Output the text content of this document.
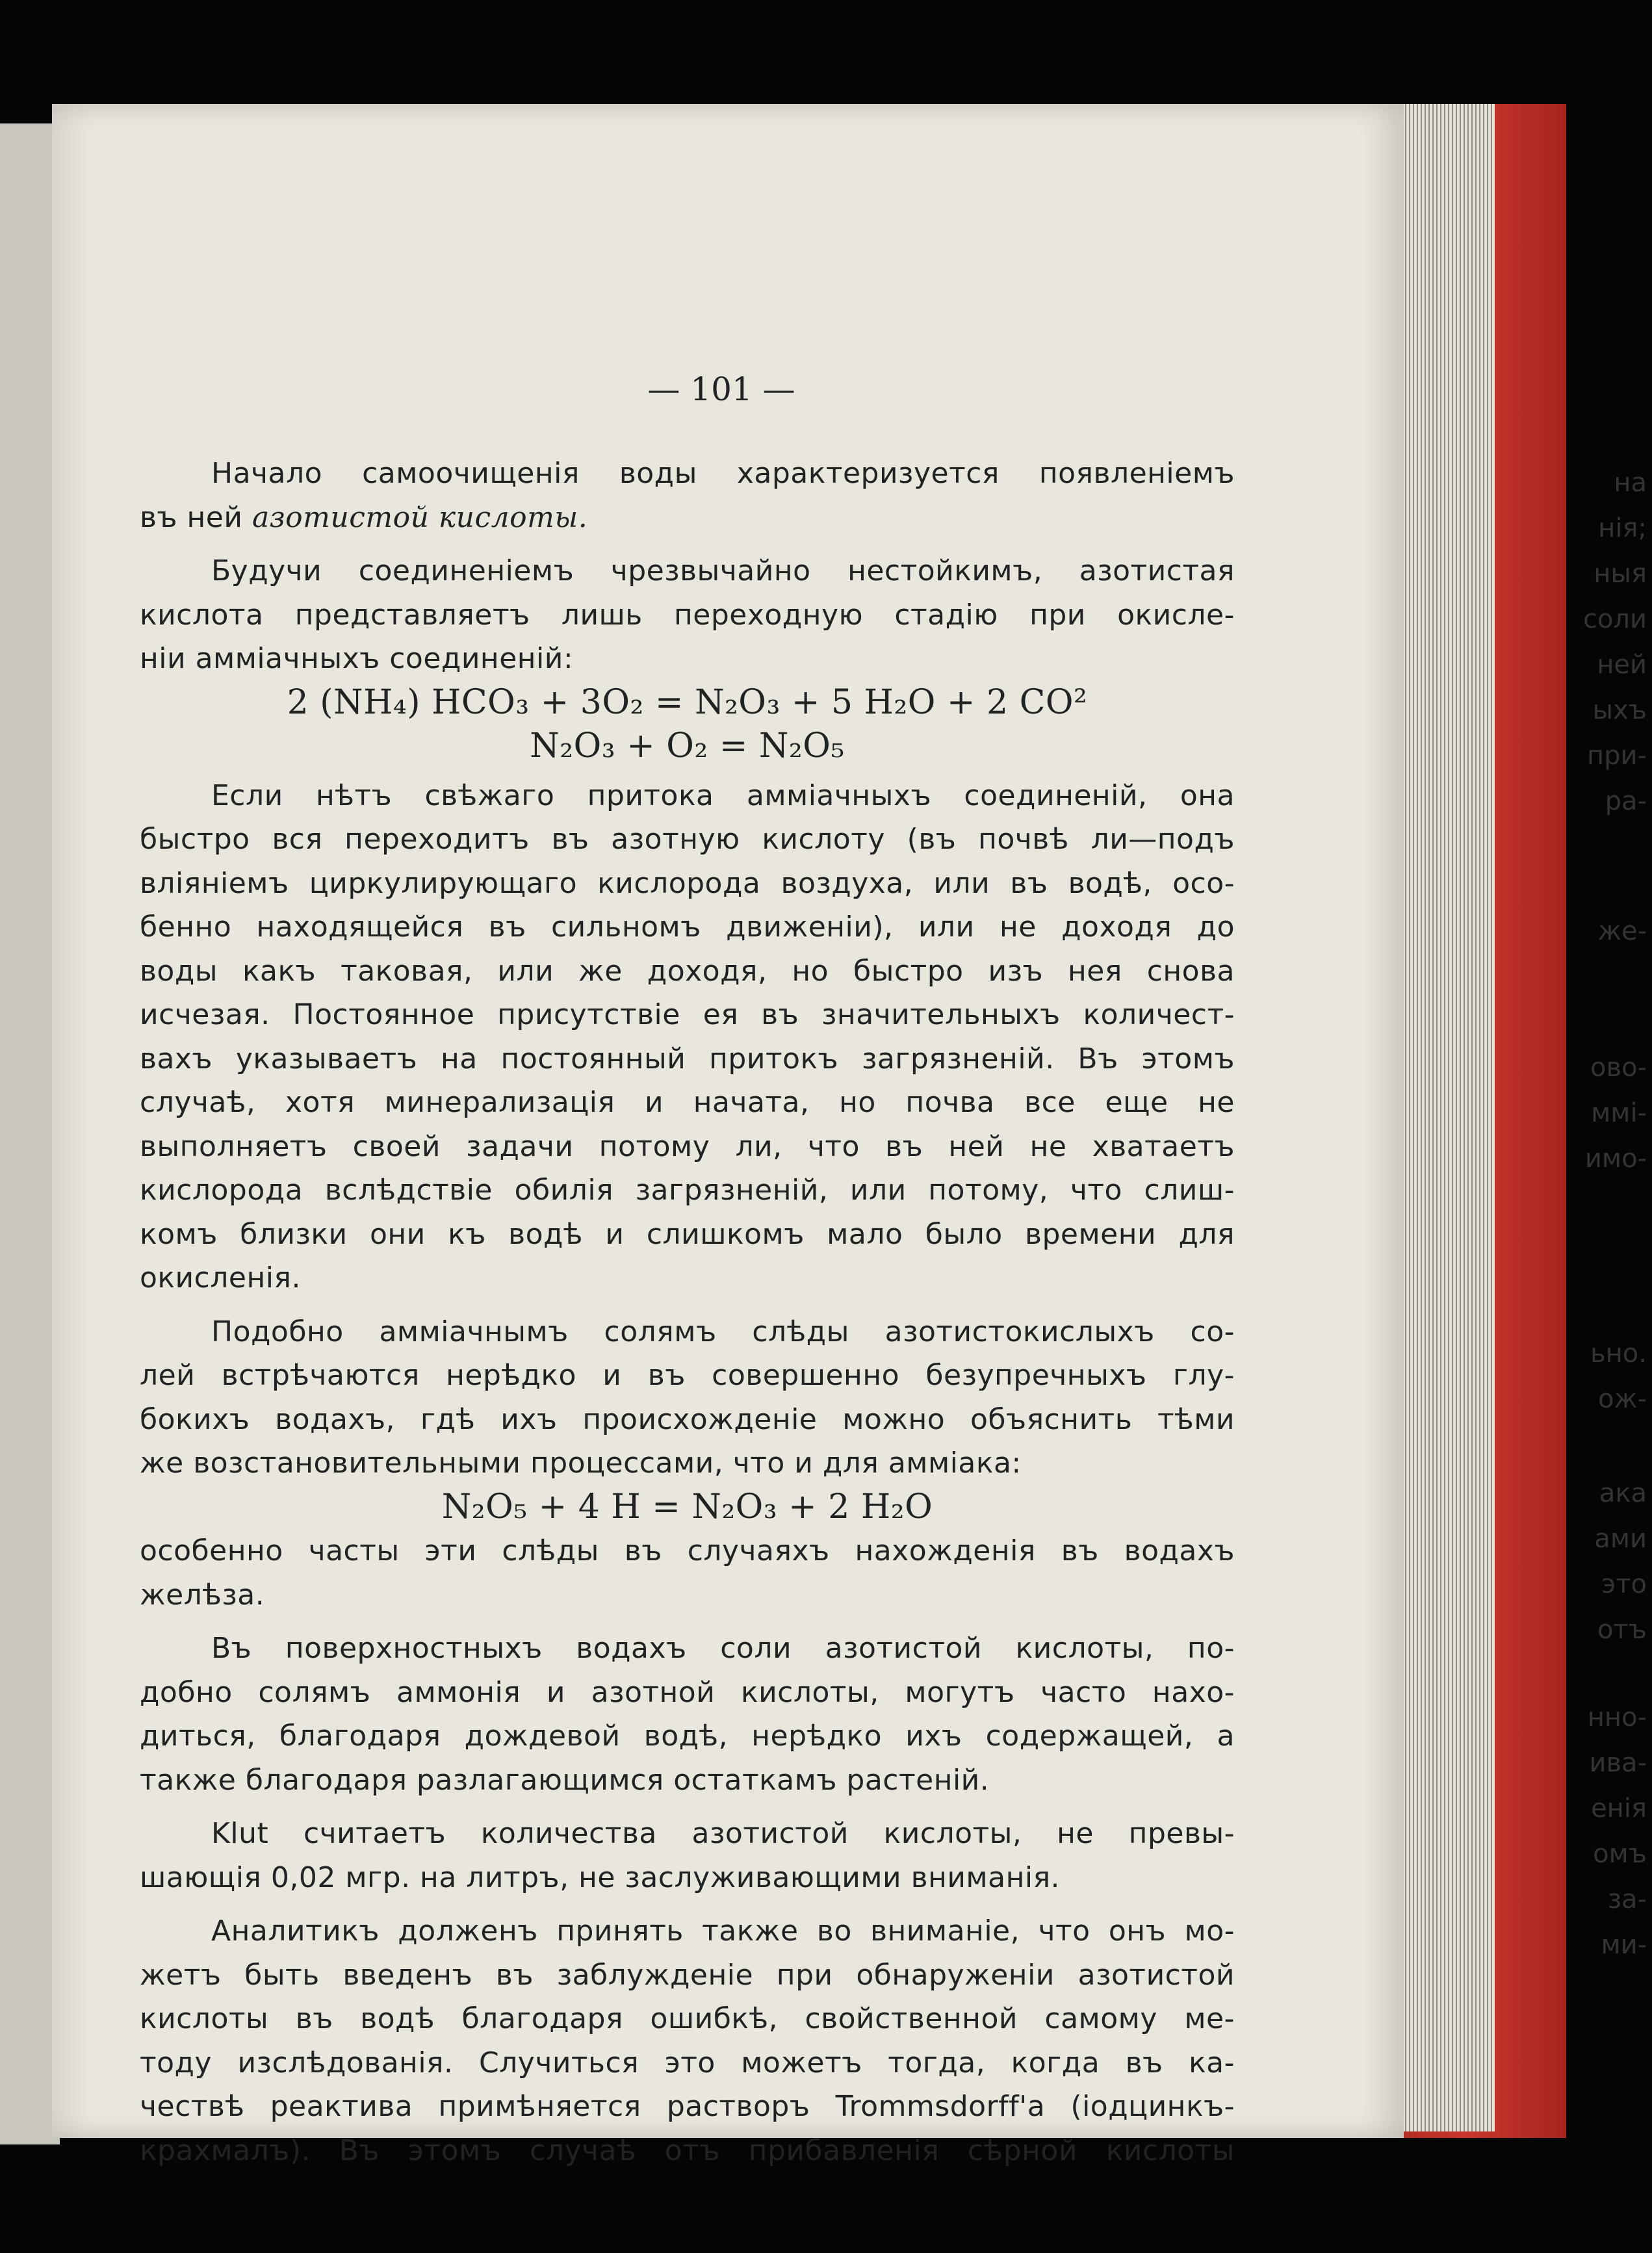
на
нія;
ныя
соли
ней
ыхъ
при-
ра-
же-
ово-
ммі-
имо-
ьно.
ож-
ака
ами
это
отъ
нно-
ива-
енія
омъ
за-
ми-
— 101 —

Начало самоочищенія воды характеризуется появленіемъ

въ ней азотистой кислоты.

Будучи соединеніемъ чрезвычайно нестойкимъ, азотистая

кислота представляетъ лишь переходную стадію при окисле-

ніи амміачныхъ соединеній:

2 (NH₄) HCO₃ + 3O₂ = N₂O₃ + 5 H₂O + 2 CO²

N₂O₃ + O₂ = N₂O₅

Если нѣтъ свѣжаго притока амміачныхъ соединеній, она

быстро вся переходитъ въ азотную кислоту (въ почвѣ ли—подъ

вліяніемъ циркулирующаго кислорода воздуха, или въ водѣ, осо-

бенно находящейся въ сильномъ движеніи), или не доходя до

воды какъ таковая, или же доходя, но быстро изъ нея снова

исчезая. Постоянное присутствіе ея въ значительныхъ количест-

вахъ указываетъ на постоянный притокъ загрязненій. Въ этомъ

случаѣ, хотя минерализація и начата, но почва все еще не

выполняетъ своей задачи потому ли, что въ ней не хватаетъ

кислорода вслѣдствіе обилія загрязненій, или потому, что слиш-

комъ близки они къ водѣ и слишкомъ мало было времени для

окисленія.

Подобно амміачнымъ солямъ слѣды азотистокислыхъ со-

лей встрѣчаются нерѣдко и въ совершенно безупречныхъ глу-

бокихъ водахъ, гдѣ ихъ происхожденіе можно объяснить тѣми

же возстановительными процессами, что и для амміака:

N₂O₅ + 4 H = N₂O₃ + 2 H₂O

особенно часты эти слѣды въ случаяхъ нахожденія въ водахъ

желѣза.

Въ поверхностныхъ водахъ соли азотистой кислоты, по-

добно солямъ аммонія и азотной кислоты, могутъ часто нахо-

диться, благодаря дождевой водѣ, нерѣдко ихъ содержащей, а

также благодаря разлагающимся остаткамъ растеній.

Klut считаетъ количества азотистой кислоты, не превы-

шающія 0,02 мгр. на литръ, не заслуживающими вниманія.

Аналитикъ долженъ принять также во вниманіе, что онъ мо-

жетъ быть введенъ въ заблужденіе при обнаруженіи азотистой

кислоты въ водѣ благодаря ошибкѣ, свойственной самому ме-

тоду изслѣдованія. Случиться это можетъ тогда, когда въ ка-

чествѣ реактива примѣняется растворъ Trommsdorff'а (іодцинкъ-

крахмалъ). Въ этомъ случаѣ отъ прибавленія сѣрной кислоты
